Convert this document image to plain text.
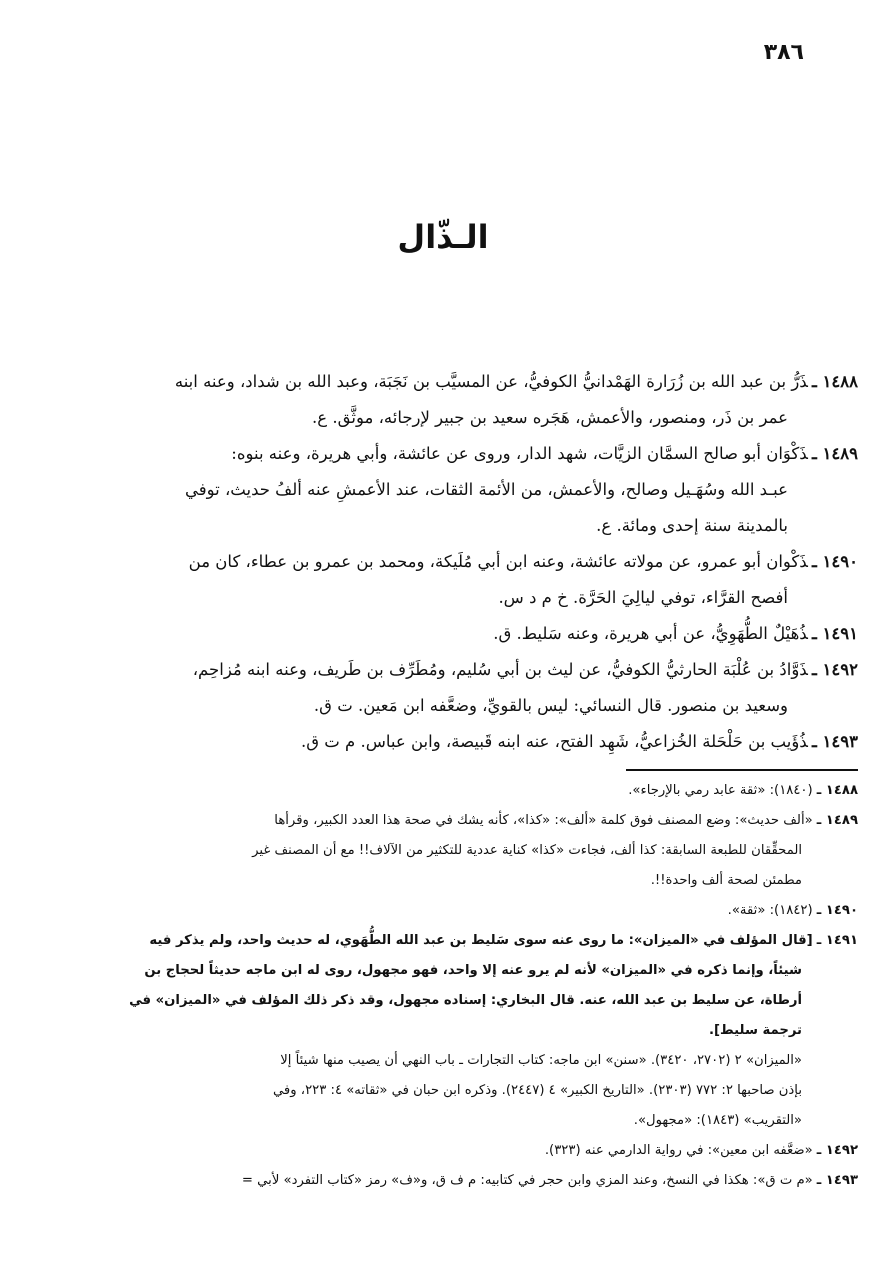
٣٨٦
الـذّال

١٤٨٨ ـذَرُّ بن عبد الله بن زُرَارة الهَمْدانيُّ الكوفيُّ، عن المسيَّب بن نَجَبَة، وعبد الله بن شداد، وعنه ابنه
عمر بن ذَر، ومنصور، والأعمش، هَجَره سعيد بن جبير لإرجائه، موثَّق. ع.

١٤٨٩ ـذَكْوَان أبو صالح السمَّان الزيَّات، شهد الدار، وروى عن عائشة، وأبي هريرة، وعنه بنوه:
عبـد الله وسُهَـيل وصالح، والأعمش، من الأئمة الثقات، عند الأعمشِ عنه ألفُ حديث، توفي
بالمدينة سنة إحدى ومائة. ع.

١٤٩٠ ـذَكْوان أبو عمرو، عن مولاته عائشة، وعنه ابن أبي مُلَيكة، ومحمد بن عمرو بن عطاء، كان من
أفصح القرَّاء، توفي ليالِيَ الحَرَّة. خ م د س.

١٤٩١ ـذُهَيْلٌ الطُّهَوِيُّ، عن أبي هريرة، وعنه سَليط. ق.

١٤٩٢ ـذَوَّادُ بن عُلْبَة الحارثيُّ الكوفيُّ، عن ليث بن أبي سُليم، ومُطَرِّف بن طَريف، وعنه ابنه مُزاحِم،
وسعيد بن منصور. قال النسائي: ليس بالقويِّ، وضعَّفه ابن مَعين. ت ق.

١٤٩٣ ـذُؤَيب بن حَلْحَلة الخُزاعيُّ، شَهِد الفتح، عنه ابنه قَبيصة، وابن عباس. م ت ق.

١٤٨٨ ـ(١٨٤٠): «ثقة عابد رمي بالإرجاء».

١٤٨٩ ـ«ألف حديث»: وضع المصنف فوق كلمة «ألف»: «كذا»، كأنه يشك في صحة هذا العدد الكبير، وقرأها
المحقِّقان للطبعة السابقة: كذا ألف، فجاءت «كذا» كناية عددية للتكثير من الآلاف!! مع أن المصنف غير
مطمئن لصحة ألف واحدة!!.

١٤٩٠ ـ(١٨٤٢): «ثقة».

١٤٩١ ـ[قال المؤلف في «الميزان»: ما روى عنه سوى سَليط بن عبد الله الطُّهَوي، له حديث واحد، ولم يذكر فيه
شيئاً، وإنما ذكره في «الميزان» لأنه لم يرو عنه إلا واحد، فهو مجهول، روى له ابن ماجه حديثاً لحجاج بن
أرطاة، عن سليط بن عبد الله، عنه. قال البخاري: إسناده مجهول، وقد ذكر ذلك المؤلف في «الميزان» في
ترجمة سليط].
«الميزان» ٢ (٢٧٠٢، ٣٤٢٠). «سنن» ابن ماجه: كتاب التجارات ـ باب النهي أن يصيب منها شيئاً إلا
بإذن صاحبها ٢: ٧٧٢ (٢٣٠٣). «التاريخ الكبير» ٤ (٢٤٤٧). وذكره ابن حبان في «ثقاته» ٤: ٢٢٣، وفي
«التقريب» (١٨٤٣): «مجهول».

١٤٩٢ ـ«ضعَّفه ابن معين»: في رواية الدارمي عنه (٣٢٣).

١٤٩٣ ـ«م ت ق»: هكذا في النسخ، وعند المزي وابن حجر في كتابيه: م ف ق، و«ف» رمز «كتاب التفرد» لأبي =
